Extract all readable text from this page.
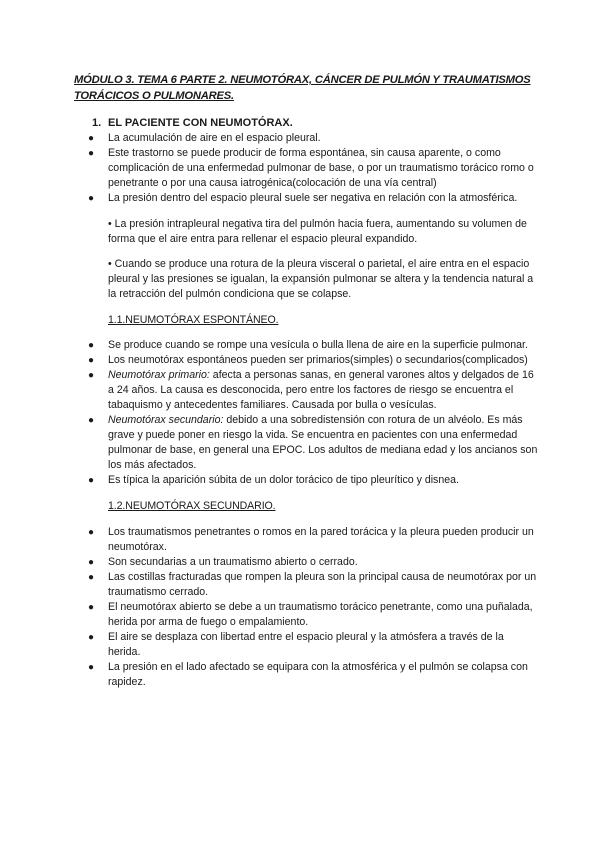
MÓDULO 3. TEMA 6 PARTE 2. NEUMOTÓRAX, CÁNCER DE PULMÓN Y TRAUMATISMOS TORÁCICOS O PULMONARES.
1. EL PACIENTE CON NEUMOTÓRAX.

● La acumulación de aire en el espacio pleural.

● Este trastorno se puede producir de forma espontánea, sin causa aparente, o como complicación de una enfermedad pulmonar de base, o por un traumatismo torácico romo o penetrante o por una causa iatrogénica(colocación de una vía central)

● La presión dentro del espacio pleural suele ser negativa en relación con la atmosférica.

• La presión intrapleural negativa tira del pulmón hacia fuera, aumentando su volumen de forma que el aire entra para rellenar el espacio pleural expandido.

• Cuando se produce una rotura de la pleura visceral o parietal, el aire entra en el espacio pleural y las presiones se igualan, la expansión pulmonar se altera y la tendencia natural a la retracción del pulmón condiciona que se colapse.

1.1.NEUMOTÓRAX ESPONTÁNEO.

● Se produce cuando se rompe una vesícula o bulla llena de aire en la superficie pulmonar.

● Los neumotórax espontáneos pueden ser primarios(simples) o secundarios(complicados)

● Neumotórax primario: afecta a personas sanas, en general varones altos y delgados de 16 a 24 años. La causa es desconocida, pero entre los factores de riesgo se encuentra el tabaquismo y antecedentes familiares. Causada por bulla o vesículas.

● Neumotórax secundario: debido a una sobredistensión con rotura de un alvéolo. Es más grave y puede poner en riesgo la vida. Se encuentra en pacientes con una enfermedad pulmonar de base, en general una EPOC. Los adultos de mediana edad y los ancianos son los más afectados.

● Es típica la aparición súbita de un dolor torácico de tipo pleurítico y disnea.

1.2.NEUMOTÓRAX SECUNDARIO.

● Los traumatismos penetrantes o romos en la pared torácica y la pleura pueden producir un neumotórax.

● Son secundarias a un traumatismo abierto o cerrado.

● Las costillas fracturadas que rompen la pleura son la principal causa de neumotórax por un traumatismo cerrado.

● El neumotórax abierto se debe a un traumatismo torácico penetrante, como una puñalada, herida por arma de fuego o empalamiento.

● El aire se desplaza con libertad entre el espacio pleural y la atmósfera a través de la herida.

● La presión en el lado afectado se equipara con la atmosférica y el pulmón se colapsa con rapidez.
